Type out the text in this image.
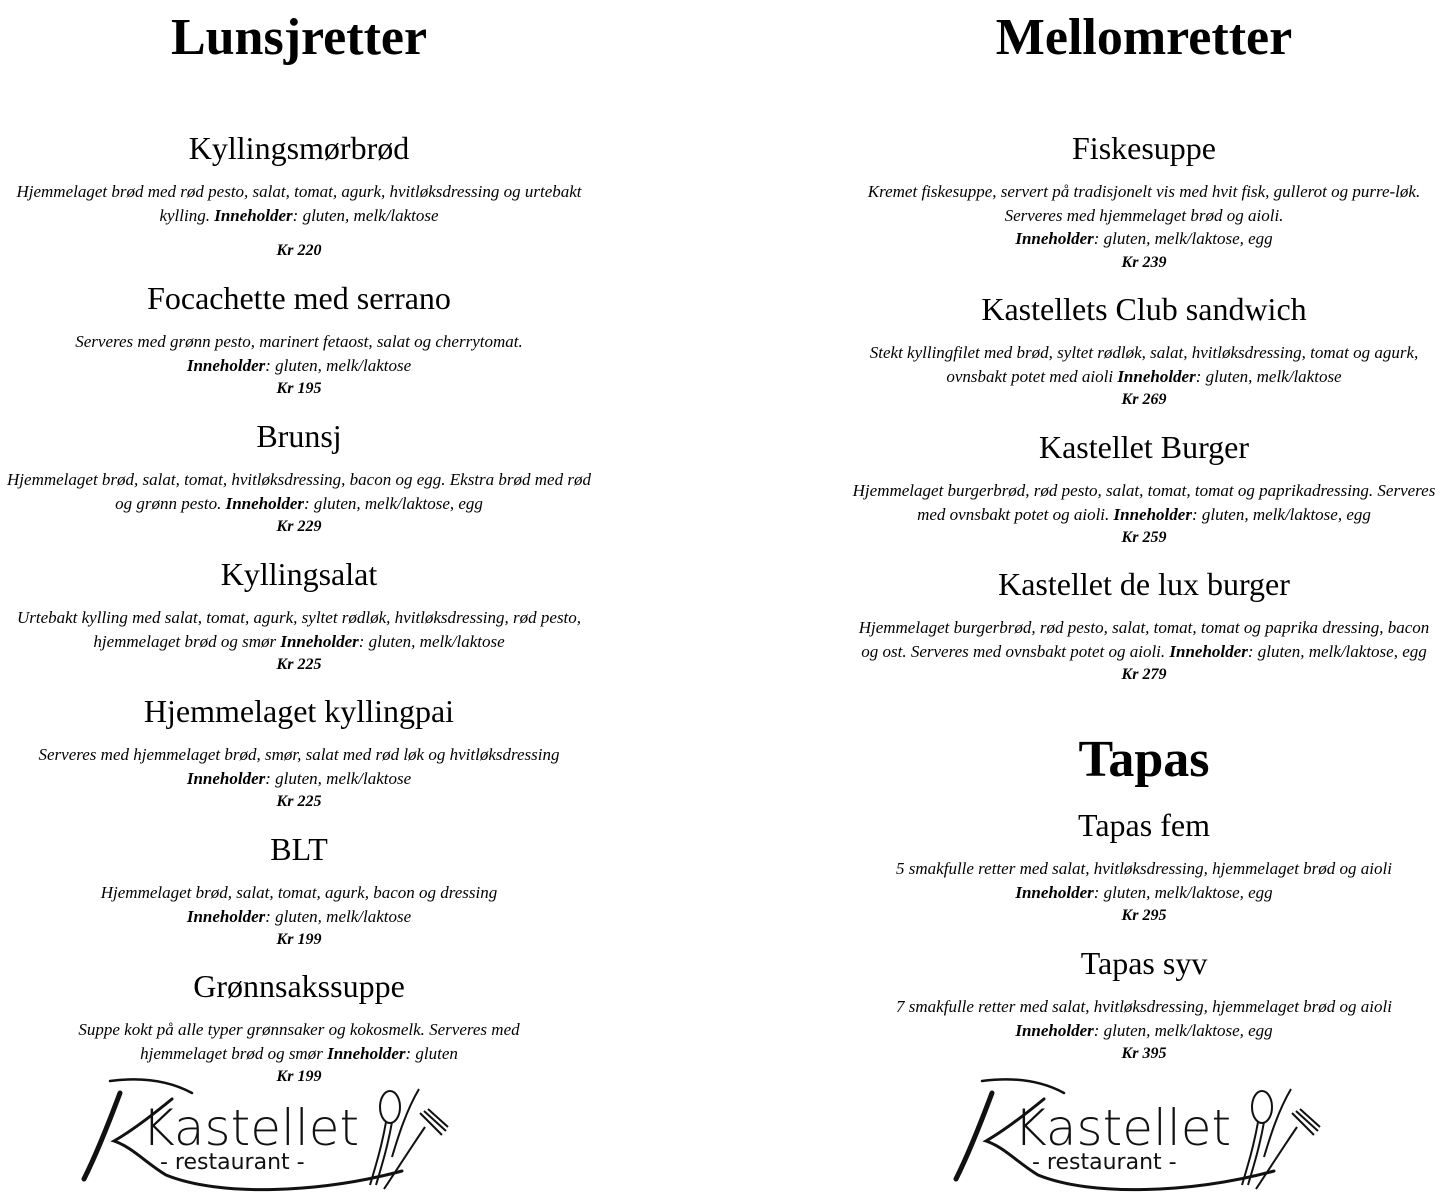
Lunsjretter
Kyllingsmørbrød

Hjemmelaget brød med rød pesto, salat, tomat, agurk, hvitløksdressing og urtebakt kylling. Inneholder: gluten, melk/laktose

Kr 220

Focachette med serrano

Serveres med grønn pesto, marinert fetaost, salat og cherrytomat.
Inneholder: gluten, melk/laktose

Kr 195

Brunsj

Hjemmelaget brød, salat, tomat, hvitløksdressing, bacon og egg. Ekstra brød med rød og grønn pesto. Inneholder: gluten, melk/laktose, egg

Kr 229

Kyllingsalat

Urtebakt kylling med salat, tomat, agurk, syltet rødløk, hvitløksdressing, rød pesto, hjemmelaget brød og smør Inneholder: gluten, melk/laktose

Kr 225

Hjemmelaget kyllingpai

Serveres med hjemmelaget brød, smør, salat med rød løk og hvitløksdressing
Inneholder: gluten, melk/laktose

Kr 225

BLT

Hjemmelaget brød, salat, tomat, agurk, bacon og dressing
Inneholder: gluten, melk/laktose

Kr 199

Grønnsakssuppe

Suppe kokt på alle typer grønnsaker og kokosmelk. Serveres med hjemmelaget brød og smør Inneholder: gluten

Kr 199

Mellomretter
Fiskesuppe

Kremet fiskesuppe, servert på tradisjonelt vis med hvit fisk, gullerot og purre-løk. Serveres med hjemmelaget brød og aioli.
Inneholder: gluten, melk/laktose, egg

Kr 239

Kastellets Club sandwich

Stekt kyllingfilet med brød, syltet rødløk, salat, hvitløksdressing, tomat og agurk, ovnsbakt potet med aioli Inneholder: gluten, melk/laktose

Kr 269

Kastellet Burger

Hjemmelaget burgerbrød, rød pesto, salat, tomat, tomat og paprikadressing. Serveres med ovnsbakt potet og aioli. Inneholder: gluten, melk/laktose, egg

Kr 259

Kastellet de lux burger

Hjemmelaget burgerbrød, rød pesto, salat, tomat, tomat og paprika dressing, bacon og ost. Serveres med ovnsbakt potet og aioli. Inneholder: gluten, melk/laktose, egg

Kr 279

Tapas
Tapas fem

5 smakfulle retter med salat, hvitløksdressing, hjemmelaget brød og aioli
Inneholder: gluten, melk/laktose, egg

Kr 295

Tapas syv

7 smakfulle retter med salat, hvitløksdressing, hjemmelaget brød og aioli
Inneholder: gluten, melk/laktose, egg

Kr 395

Kastellet
- restaurant -
Kastellet
- restaurant -
